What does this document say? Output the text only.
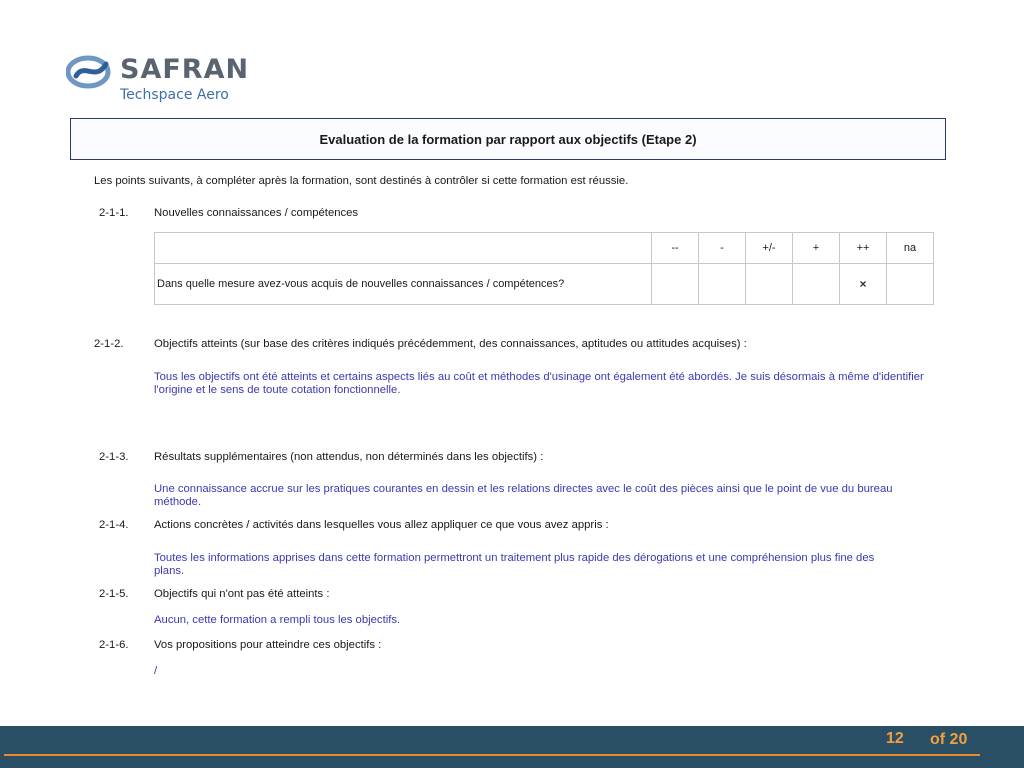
SAFRAN
Techspace Aero
Evaluation de la formation par rapport aux objectifs (Etape 2)
Les points suivants, à compléter après la formation, sont destinés à contrôler si cette formation est réussie.
2-1-1. Nouvelles connaissances / compétences
	--	-	+/-	+	++	na
Dans quelle mesure avez-vous acquis de nouvelles connaissances / compétences?					×	
2-1-2.	Objectifs atteints (sur base des critères indiqués précédemment, des connaissances, aptitudes ou attitudes acquises) :
Tous les objectifs ont été atteints et certains aspects liés au coût et méthodes d'usinage ont également été abordés. Je suis désormais à même d'identifier l'origine et le sens de toute cotation fonctionnelle.
2-1-3. Résultats supplémentaires (non attendus, non déterminés dans les objectifs) :
Une connaissance accrue sur les pratiques courantes en dessin et les relations directes avec le coût des pièces ainsi que le point de vue du bureau méthode.
2-1-4. Actions concrètes / activités dans lesquelles vous allez appliquer ce que vous avez appris :
Toutes les informations apprises dans cette formation permettront un traitement plus rapide des dérogations et une compréhension plus fine des plans.
2-1-5. Objectifs qui n'ont pas été atteints :
Aucun, cette formation a rempli tous les objectifs.
2-1-6. Vos propositions pour atteindre ces objectifs :
/
12 of 20
